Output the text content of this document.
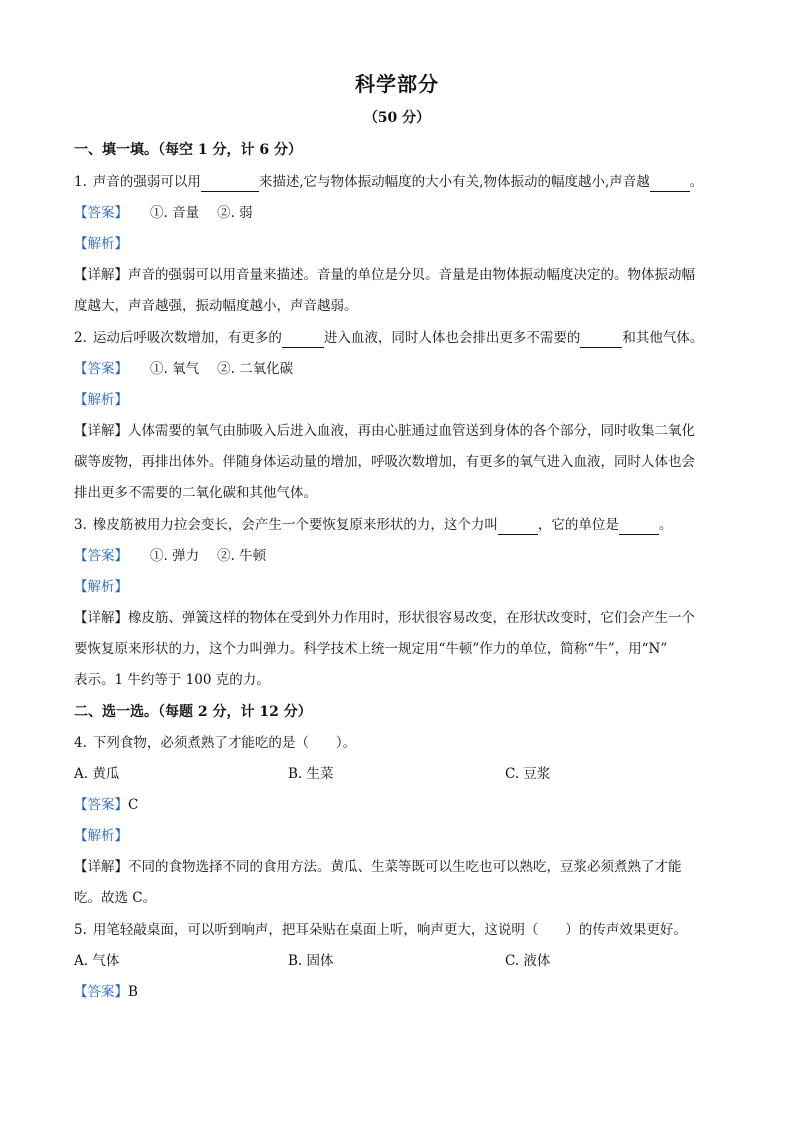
科学部分
（50 分）
一、填一填。（每空 1 分，计 6 分）
1. 声音的强弱可以用	来描述,它与物体振动幅度的大小有关,物体振动的幅度越小,声音越	。
【答案】 ①. 音量 ②. 弱
【解析】
【详解】声音的强弱可以用音量来描述。音量的单位是分贝。音量是由物体振动幅度决定的。物体振动幅
度越大，声音越强，振动幅度越小，声音越弱。
2. 运动后呼吸次数增加，有更多的	进入血液，同时人体也会排出更多不需要的	和其他气体。
【答案】 ①. 氧气 ②. 二氧化碳
【解析】
【详解】人体需要的氧气由肺吸入后进入血液，再由心脏通过血管送到身体的各个部分，同时收集二氧化
碳等废物，再排出体外。伴随身体运动量的增加，呼吸次数增加，有更多的氧气进入血液，同时人体也会
排出更多不需要的二氧化碳和其他气体。
3. 橡皮筋被用力拉会变长，会产生一个要恢复原来形状的力，这个力叫	，它的单位是	。
【答案】 ①. 弹力 ②. 牛顿
【解析】
【详解】橡皮筋、弹簧这样的物体在受到外力作用时，形状很容易改变，在形状改变时，它们会产生一个
要恢复原来形状的力，这个力叫弹力。科学技术上统一规定用“牛顿”作力的单位，简称“牛”，用“N”
表示。1 牛约等于 100 克的力。
二、选一选。（每题 2 分，计 12 分）
4. 下列食物，必须煮熟了才能吃的是（　　）。
A. 黄瓜	B. 生菜	C. 豆浆
【答案】C
【解析】
【详解】不同的食物选择不同的食用方法。黄瓜、生菜等既可以生吃也可以熟吃，豆浆必须煮熟了才能
吃。故选 C。
5. 用笔轻敲桌面，可以听到响声，把耳朵贴在桌面上听，响声更大，这说明（　　）的传声效果更好。
A. 气体	B. 固体	C. 液体
【答案】B
